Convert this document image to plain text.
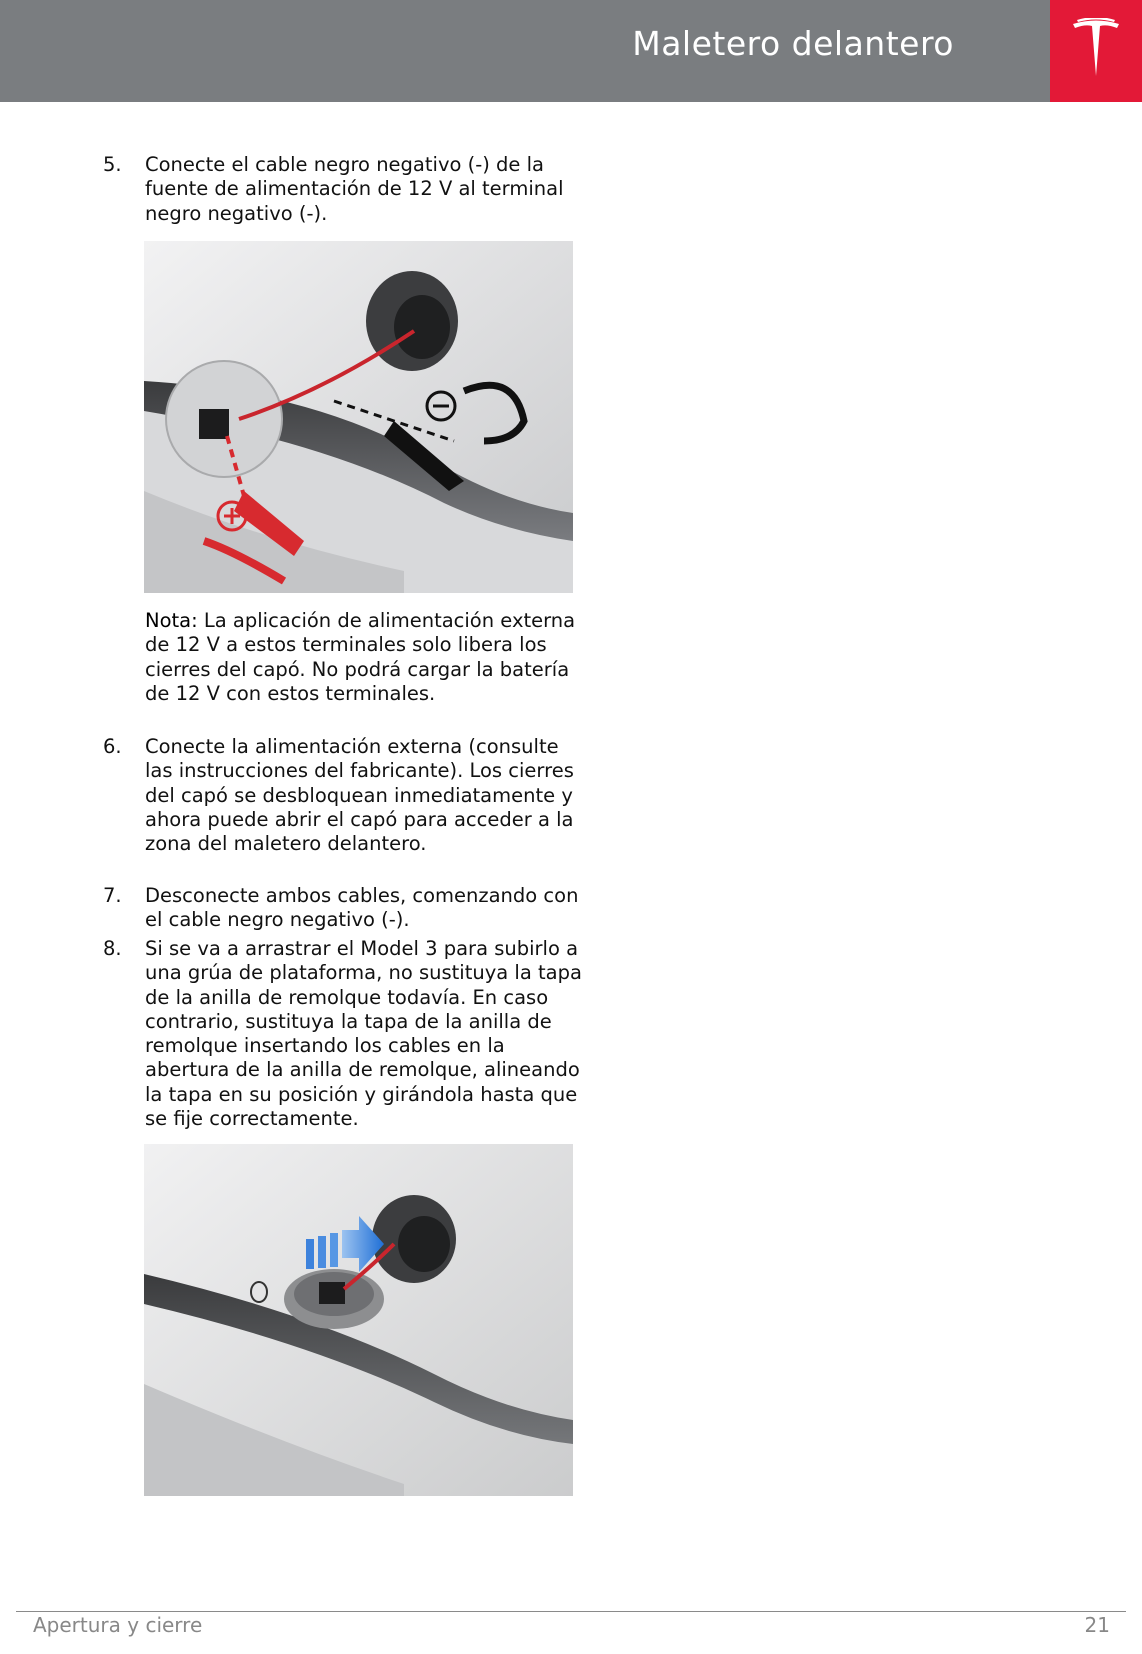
Maletero delantero
5. Conecte el cable negro negativo (-) de la fuente de alimentación de 12 V al terminal negro negativo (-).
Nota: La aplicación de alimentación externa de 12 V a estos terminales solo libera los cierres del capó. No podrá cargar la batería de 12 V con estos terminales.
6. Conecte la alimentación externa (consulte las instrucciones del fabricante). Los cierres del capó se desbloquean inmediatamente y ahora puede abrir el capó para acceder a la zona del maletero delantero.
7. Desconecte ambos cables, comenzando con el cable negro negativo (-).
8. Si se va a arrastrar el Model 3 para subirlo a una grúa de plataforma, no sustituya la tapa de la anilla de remolque todavía. En caso contrario, sustituya la tapa de la anilla de remolque insertando los cables en la abertura de la anilla de remolque, alineando la tapa en su posición y girándola hasta que se fije correctamente.
Apertura y cierre	21
